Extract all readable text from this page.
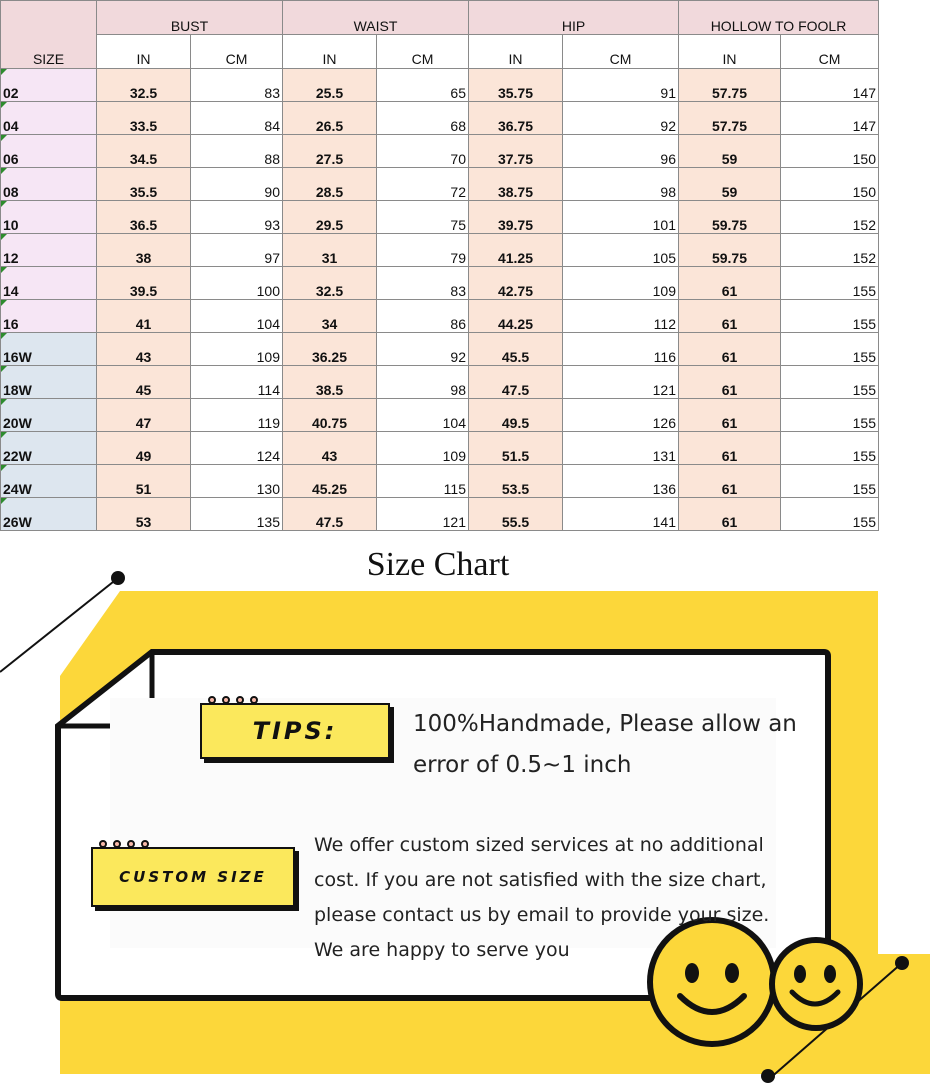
SIZE	BUST		WAIST		HIP		HOLLOW TO FOOLR	
	IN	CM	IN	CM	IN	CM	IN	CM
02	32.5	83	25.5	65	35.75	91	57.75	147
04	33.5	84	26.5	68	36.75	92	57.75	147
06	34.5	88	27.5	70	37.75	96	59	150
08	35.5	90	28.5	72	38.75	98	59	150
10	36.5	93	29.5	75	39.75	101	59.75	152
12	38	97	31	79	41.25	105	59.75	152
14	39.5	100	32.5	83	42.75	109	61	155
16	41	104	34	86	44.25	112	61	155
16W	43	109	36.25	92	45.5	116	61	155
18W	45	114	38.5	98	47.5	121	61	155
20W	47	119	40.75	104	49.5	126	61	155
22W	49	124	43	109	51.5	131	61	155
24W	51	130	45.25	115	53.5	136	61	155
26W	53	135	47.5	121	55.5	141	61	155
Size Chart
TIPS:	100%Handmade, Please allow an
error of 0.5~1 inch
CUSTOM SIZE
We offer custom sized services at no additional
cost. If you are not satisfied with the size chart,
please contact us by email to provide your size.
We are happy to serve you
